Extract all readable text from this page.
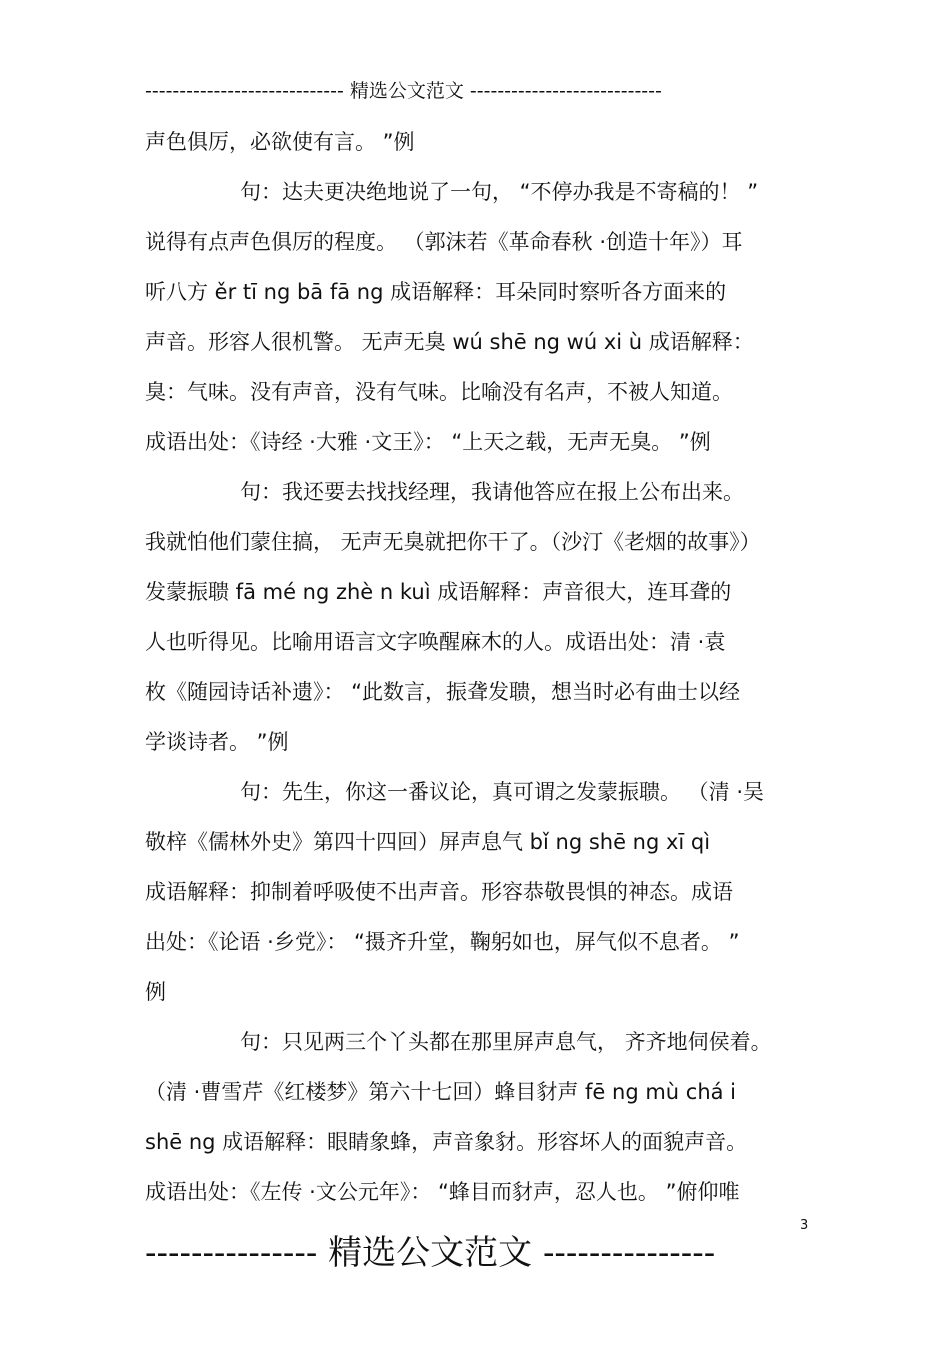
----------------------------- 精选公文范文 ----------------------------
声色俱厉，必欲使有言。 ”例
句：达夫更决绝地说了一句， “不停办我是不寄稿的！ ”
说得有点声色俱厉的程度。 （郭沫若《革命春秋 ·创造十年》）耳
听八方 ěr tī ng bā fā ng 成语解释：耳朵同时察听各方面来的
声音。形容人很机警。 无声无臭 wú shē ng wú xi ù 成语解释：
臭：气味。没有声音，没有气味。比喻没有名声，不被人知道。
成语出处：《诗经 ·大雅 ·文王》： “上天之载，无声无臭。 ”例
句：我还要去找找经理，我请他答应在报上公布出来。
我就怕他们蒙住搞， 无声无臭就把你干了。（沙汀《老烟的故事》）
发蒙振聩 fā mé ng zhè n kuì 成语解释：声音很大，连耳聋的
人也听得见。比喻用语言文字唤醒麻木的人。成语出处：清 ·袁
枚《随园诗话补遗》： “此数言，振聋发聩，想当时必有曲士以经
学谈诗者。 ”例
句：先生，你这一番议论，真可谓之发蒙振聩。 （清 ·吴
敬梓《儒林外史》第四十四回）屏声息气 bǐ ng shē ng xī qì
成语解释：抑制着呼吸使不出声音。形容恭敬畏惧的神态。成语
出处：《论语 ·乡党》： “摄齐升堂，鞠躬如也，屏气似不息者。 ”
例
句：只见两三个丫头都在那里屏声息气， 齐齐地伺侯着。
（清 ·曹雪芹《红楼梦》第六十七回）蜂目豺声 fē ng mù chá i
shē ng 成语解释：眼睛象蜂，声音象豺。形容坏人的面貌声音。
成语出处：《左传 ·文公元年》： “蜂目而豺声，忍人也。 ”俯仰唯
3
--------------- 精选公文范文 ---------------
